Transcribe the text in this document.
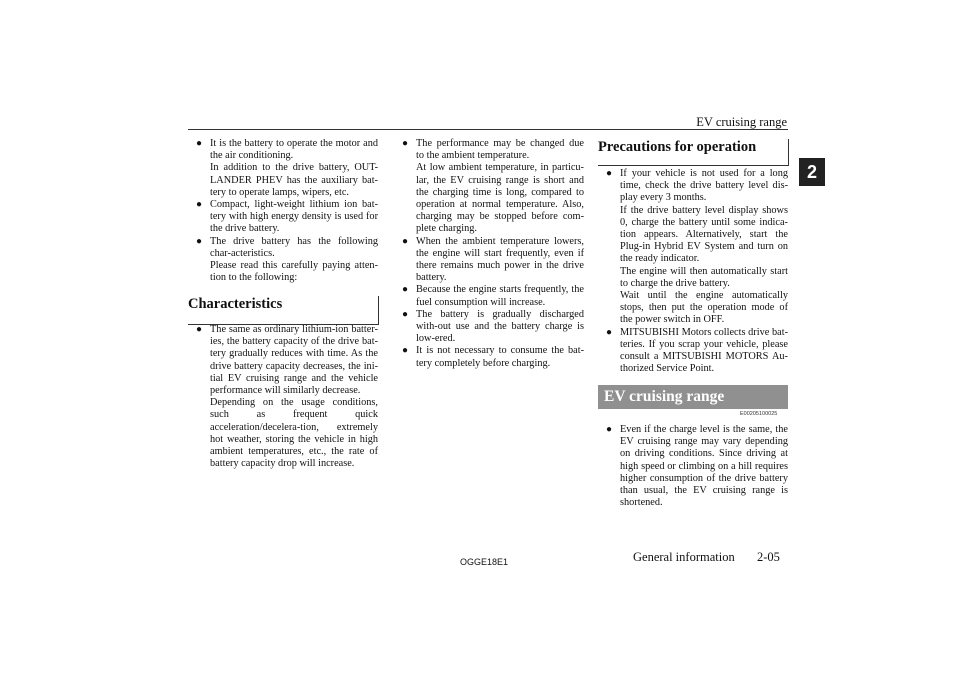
EV cruising range
2
● It is the battery to operate the motor and the air conditioning.

In addition to the drive battery, OUT-LANDER PHEV has the auxiliary bat-tery to operate lamps, wipers, etc.

● Compact, light-weight lithium ion bat-tery with high energy density is used for the drive battery.

● The drive battery has the following char-acteristics.

Please read this carefully paying atten-tion to the following:

Characteristics
● The same as ordinary lithium-ion batter-ies, the battery capacity of the drive bat-tery gradually reduces with time. As the drive battery capacity decreases, the ini-tial EV cruising range and the vehicle performance will similarly decrease.

Depending on the usage conditions, such as frequent quick acceleration/decelera-tion, extremely hot weather, storing the vehicle in high ambient temperatures, etc., the rate of battery capacity drop will increase.

● The performance may be changed due to the ambient temperature.

At low ambient temperature, in particu-lar, the EV cruising range is short and the charging time is long, compared to operation at normal temperature. Also, charging may be stopped before com-plete charging.

● When the ambient temperature lowers, the engine will start frequently, even if there remains much power in the drive battery.

● Because the engine starts frequently, the fuel consumption will increase.

● The battery is gradually discharged with-out use and the battery charge is low-ered.

● It is not necessary to consume the bat-tery completely before charging.

Precautions for operation
● If your vehicle is not used for a long time, check the drive battery level dis-play every 3 months.

If the drive battery level display shows 0, charge the battery until some indica-tion appears. Alternatively, start the Plug-in Hybrid EV System and turn on the ready indicator.

The engine will then automatically start to charge the drive battery.

Wait until the engine automatically stops, then put the operation mode of the power switch in OFF.

● MITSUBISHI Motors collects drive bat-teries. If you scrap your vehicle, please consult a MITSUBISHI MOTORS Au-thorized Service Point.

EV cruising range
E00205100025
● Even if the charge level is the same, the EV cruising range may vary depending on driving conditions. Since driving at high speed or climbing on a hill requires higher consumption of the drive battery than usual, the EV cruising range is shortened.

OGGE18E1	General information 2-05
